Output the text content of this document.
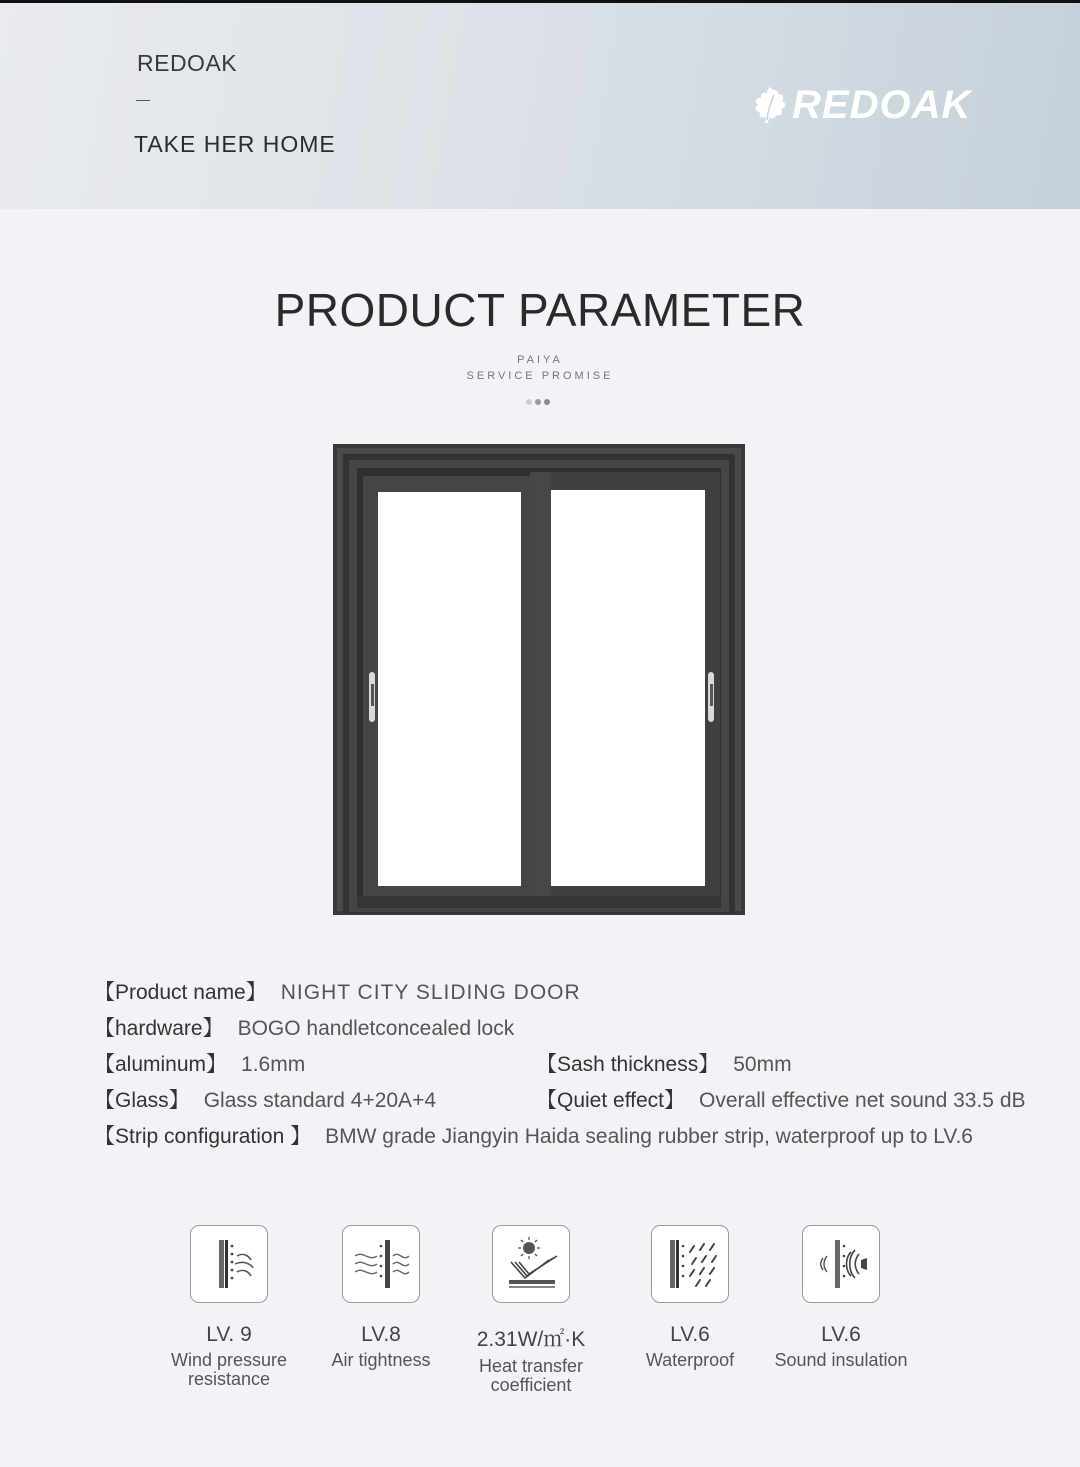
REDOAK
TAKE HER HOME
REDOAK
PRODUCT PARAMETER
PAIYA
SERVICE PROMISE
【Product name】 NIGHT CITY SLIDING DOOR
【hardware】 BOGO handletconcealed lock
【aluminum】 1.6mm	【Sash thickness】 50mm
【Glass】 Glass standard 4+20A+4	【Quiet effect】 Overall effective net sound 33.5 dB
【Strip configuration 】 BMW grade Jiangyin Haida sealing rubber strip, waterproof up to LV.6
LV. 9
Wind pressure
resistance
LV.8
Air tightness
2.31W/㎡·K
Heat transfer
coefficient
LV.6
Waterproof
LV.6
Sound insulation
